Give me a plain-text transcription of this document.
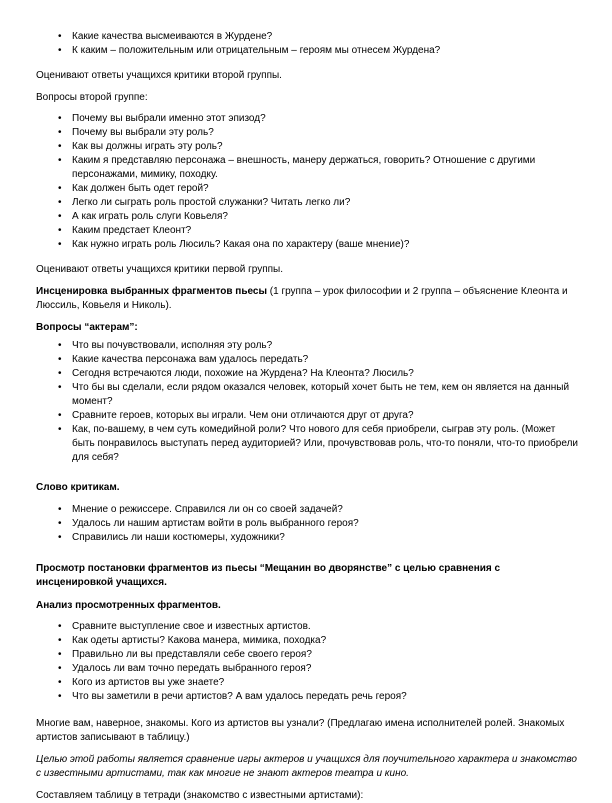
• Какие качества высмеиваются в Журдене?
• К каким – положительным или отрицательным – героям мы отнесем Журдена?

Оценивают ответы учащихся критики второй группы.

Вопросы второй группе:

• Почему вы выбрали именно этот эпизод?
• Почему вы выбрали эту роль?
• Как вы должны играть эту роль?
• Каким я представляю персонажа – внешность, манеру держаться, говорить? Отношение с другими персонажами, мимику, походку.
• Как должен быть одет герой?
• Легко ли сыграть роль простой служанки? Читать легко ли?
• А как играть роль слуги Ковьеля?
• Каким предстает Клеонт?
• Как нужно играть роль Люсиль? Какая она по характеру (ваше мнение)?

Оценивают ответы учащихся критики первой группы.

Инсценировка выбранных фрагментов пьесы (1 группа – урок философии и 2 группа – объяснение Клеонта и Люссиль, Ковьеля и Николь).

Вопросы “актерам”:

• Что вы почувствовали, исполняя эту роль?
• Какие качества персонажа вам удалось передать?
• Сегодня встречаются люди, похожие на Журдена? На Клеонта? Люсиль?
• Что бы вы сделали, если рядом оказался человек, который хочет быть не тем, кем он является на данный момент?
• Сравните героев, которых вы играли. Чем они отличаются друг от друга?
• Как, по-вашему, в чем суть комедийной роли? Что нового для себя приобрели, сыграв эту роль. (Может быть понравилось выступать перед аудиторией? Или, прочувствовав роль, что-то поняли, что-то приобрели для себя?

Слово критикам.

• Мнение о режиссере. Справился ли он со своей задачей?
• Удалось ли нашим артистам войти в роль выбранного героя?
• Справились ли наши костюмеры, художники?

Просмотр постановки фрагментов из пьесы “Мещанин во дворянстве” с целью сравнения с инсценировкой учащихся.

Анализ просмотренных фрагментов.

• Сравните выступление свое и известных артистов.
• Как одеты артисты? Какова манера, мимика, походка?
• Правильно ли вы представляли себе своего героя?
• Удалось ли вам точно передать выбранного героя?
• Кого из артистов вы уже знаете?
• Что вы заметили в речи артистов? А вам удалось передать речь героя?

Многие вам, наверное, знакомы. Кого из артистов вы узнали? (Предлагаю имена исполнителей ролей. Знакомых артистов записывают в таблицу.)

Целью этой работы является сравнение игры актеров и учащихся для поучительного характера и знакомство с известными артистами, так как многие не знают актеров театра и кино.

Составляем таблицу в тетради (знакомство с известными артистами):
